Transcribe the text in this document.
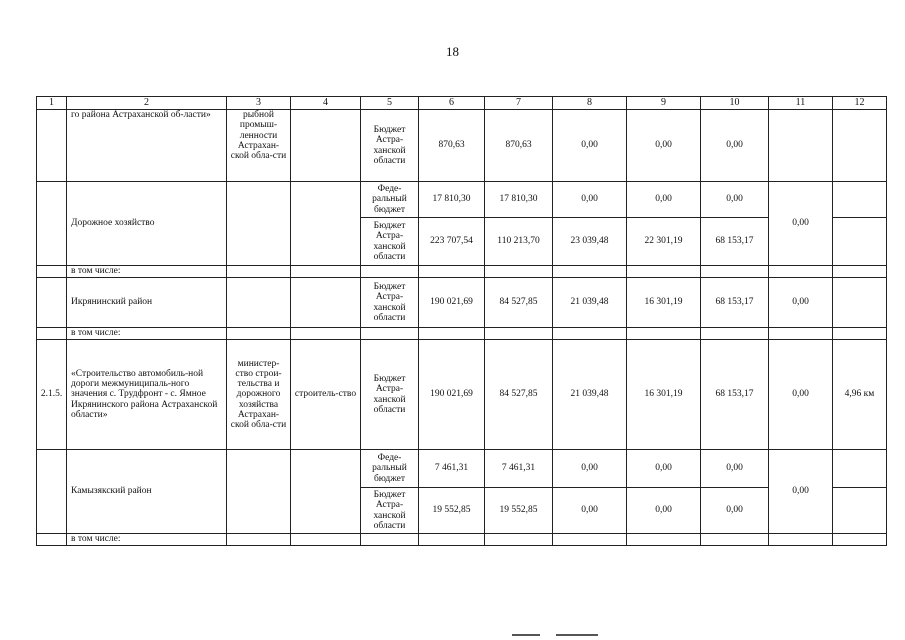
18
1	2	3	4	5	6	7	8	9	10	11	12
	го района Астраханской об-ласти»	рыбной промыш-ленности Астрахан-ской обла-сти		Бюджет Астра-ханской области	870,63	870,63	0,00	0,00	0,00		
	Дорожное хозяйство			Феде-ральный бюджет	17 810,30	17 810,30	0,00	0,00	0,00	0,00	
				Бюджет Астра-ханской области	223 707,54	110 213,70	23 039,48	22 301,19	68 153,17		
	в том числе:										
	Икрянинский район			Бюджет Астра-ханской области	190 021,69	84 527,85	21 039,48	16 301,19	68 153,17	0,00	
	в том числе:										
2.1.5.	«Строительство автомобиль-ной дороги межмуниципаль-ного значения с. Трудфронт - с. Ямное Икрянинского района Астраханской области»	министер-ство строи-тельства и дорожного хозяйства Астрахан-ской обла-сти	строитель-ство	Бюджет Астра-ханской области	190 021,69	84 527,85	21 039,48	16 301,19	68 153,17	0,00	4,96 км
	Камызякский район			Феде-ральный бюджет	7 461,31	7 461,31	0,00	0,00	0,00	0,00	
				Бюджет Астра-ханской области	19 552,85	19 552,85	0,00	0,00	0,00		
	в том числе:										
